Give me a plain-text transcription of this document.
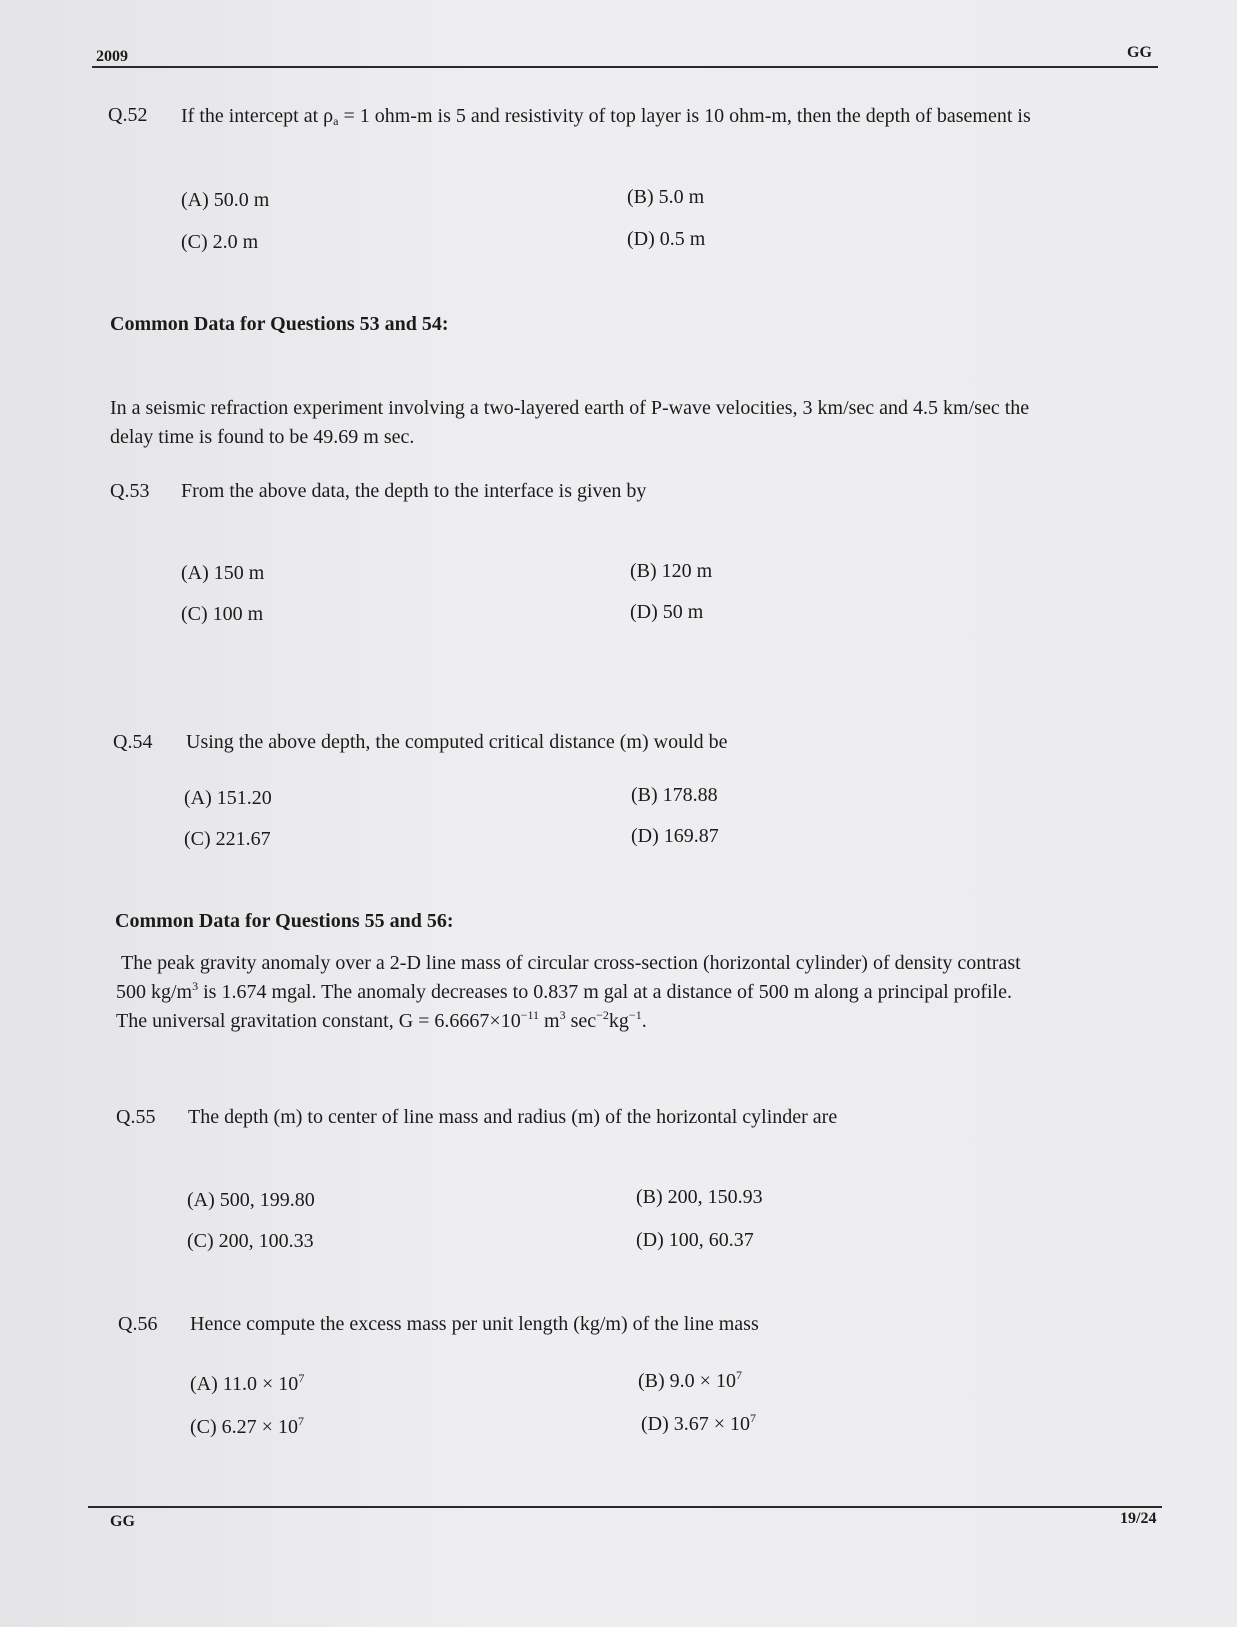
2009	GG
Q.52 If the intercept at $\rho_a = 1$ ohm-m is 5 and resistivity of top layer is 10 ohm-m, then the depth of basement is
(A) 50.0 m	(B) 5.0 m
(C) 2.0 m	(D) 0.5 m
Common Data for Questions 53 and 54:
In a seismic refraction experiment involving a two-layered earth of P-wave velocities, 3 km/sec and 4.5 km/sec the delay time is found to be 49.69 m sec.
Q.53 From the above data, the depth to the interface is given by
(A) 150 m	(B) 120 m
(C) 100 m	(D) 50 m
Q.54 Using the above depth, the computed critical distance (m) would be
(A) 151.20	(B) 178.88
(C) 221.67	(D) 169.87
Common Data for Questions 55 and 56:
The peak gravity anomaly over a 2-D line mass of circular cross-section (horizontal cylinder) of density contrast
500 $kg/m^3$ is 1.674 mgal. The anomaly decreases to 0.837 m gal at a distance of 500 m along a principal profile.
The universal gravitation constant, $G = 6.6667\times 10^{-11}$ $m^3$ $\sec^{-2}kg^{-1}$.
Q.55 The depth (m) to center of line mass and radius (m) of the horizontal cylinder are
(A) 500, 199.80	(B) 200, 150.93
(C) 200, 100.33	(D) 100, 60.37
Q.56 Hence compute the excess mass per unit length (kg/m) of the line mass
(A) $11.0 \times 10^7$	(B) $9.0 \times 10^7$
(C) $6.27 \times 10^7$	(D) $3.67 \times 10^7$
GG	19/24
